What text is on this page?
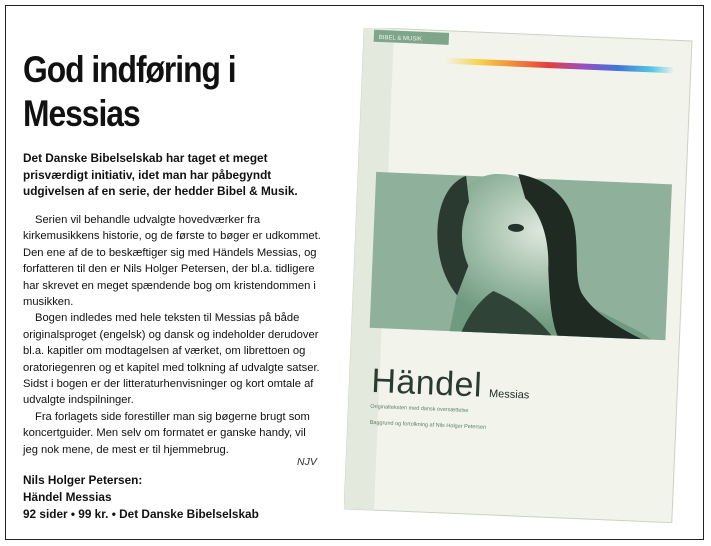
God indføring i Messias

Det Danske Bibelselskab har taget et meget prisværdigt initiativ, idet man har påbegyndt udgivelsen af en serie, der hedder Bibel & Musik.

Serien vil behandle udvalgte hovedværker fra kirkemusikkens historie, og de første to bøger er udkommet. Den ene af de to beskæftiger sig med Händels Messias, og forfatteren til den er Nils Holger Petersen, der bl.a. tidligere har skrevet en meget spændende bog om kristendommen i musikken.

Bogen indledes med hele teksten til Messias på både originalsproget (engelsk) og dansk og indeholder derudover bl.a. kapitler om modtagelsen af værket, om librettoen og oratoriegenren og et kapitel med tolkning af udvalgte satser. Sidst i bogen er der litteraturhenvisninger og kort omtale af udvalgte indspilninger.

Fra forlagets side forestiller man sig bøgerne brugt som koncertguider. Men selv om formatet er ganske handy, vil jeg nok mene, de mest er til hjemmebrug.

NJV
Nils Holger Petersen:
Händel Messias
92 sider • 99 kr. • Det Danske Bibelselskab
BIBEL & MUSIK
Händel Messias
Originalteksten med dansk oversættelse
Baggrund og fortolkning af Nils Holger Petersen
